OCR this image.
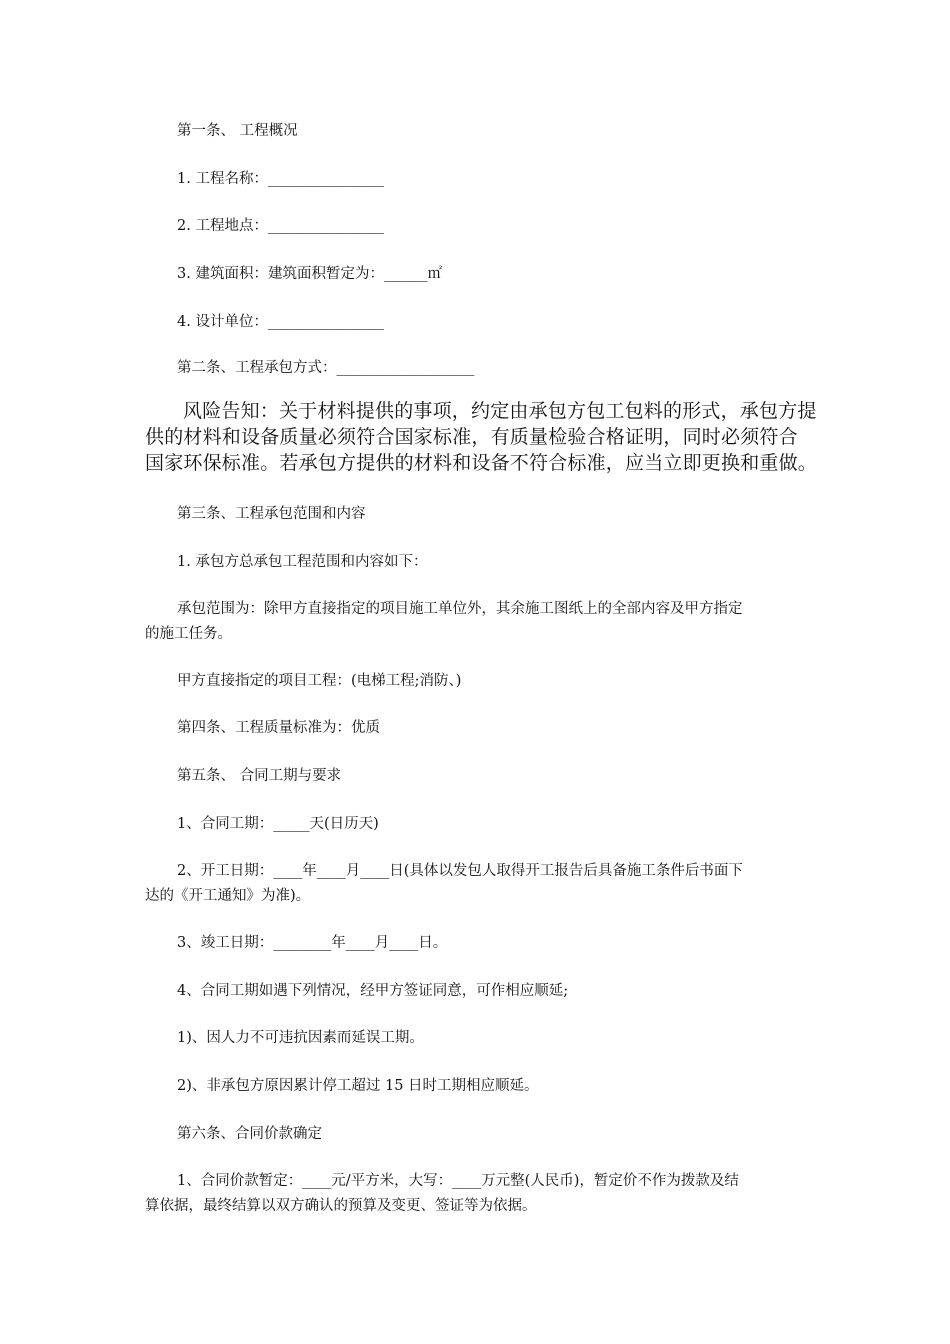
第一条、 工程概况
1. 工程名称：________________
2. 工程地点：________________
3. 建筑面积：建筑面积暂定为：______㎡
4. 设计单位：________________
第二条、工程承包方式：___________________
风险告知：关于材料提供的事项，约定由承包方包工包料的形式，承包方提
供的材料和设备质量必须符合国家标准，有质量检验合格证明，同时必须符合
国家环保标准。若承包方提供的材料和设备不符合标准，应当立即更换和重做。
第三条、工程承包范围和内容
1. 承包方总承包工程范围和内容如下：
承包范围为：除甲方直接指定的项目施工单位外，其余施工图纸上的全部内容及甲方指定
的施工任务。
甲方直接指定的项目工程：(电梯工程;消防、)
第四条、工程质量标准为：优质
第五条、 合同工期与要求
1、合同工期：_____天(日历天)
2、开工日期：____年____月____日(具体以发包人取得开工报告后具备施工条件后书面下
达的《开工通知》为准)。
3、竣工日期：________年____月____日。
4、合同工期如遇下列情况，经甲方签证同意，可作相应顺延;
1)、因人力不可违抗因素而延误工期。
2)、非承包方原因累计停工超过 15 日时工期相应顺延。
第六条、合同价款确定
1、合同价款暂定：____元/平方米，大写：____万元整(人民币)，暂定价不作为拨款及结
算依据，最终结算以双方确认的预算及变更、签证等为依据。
